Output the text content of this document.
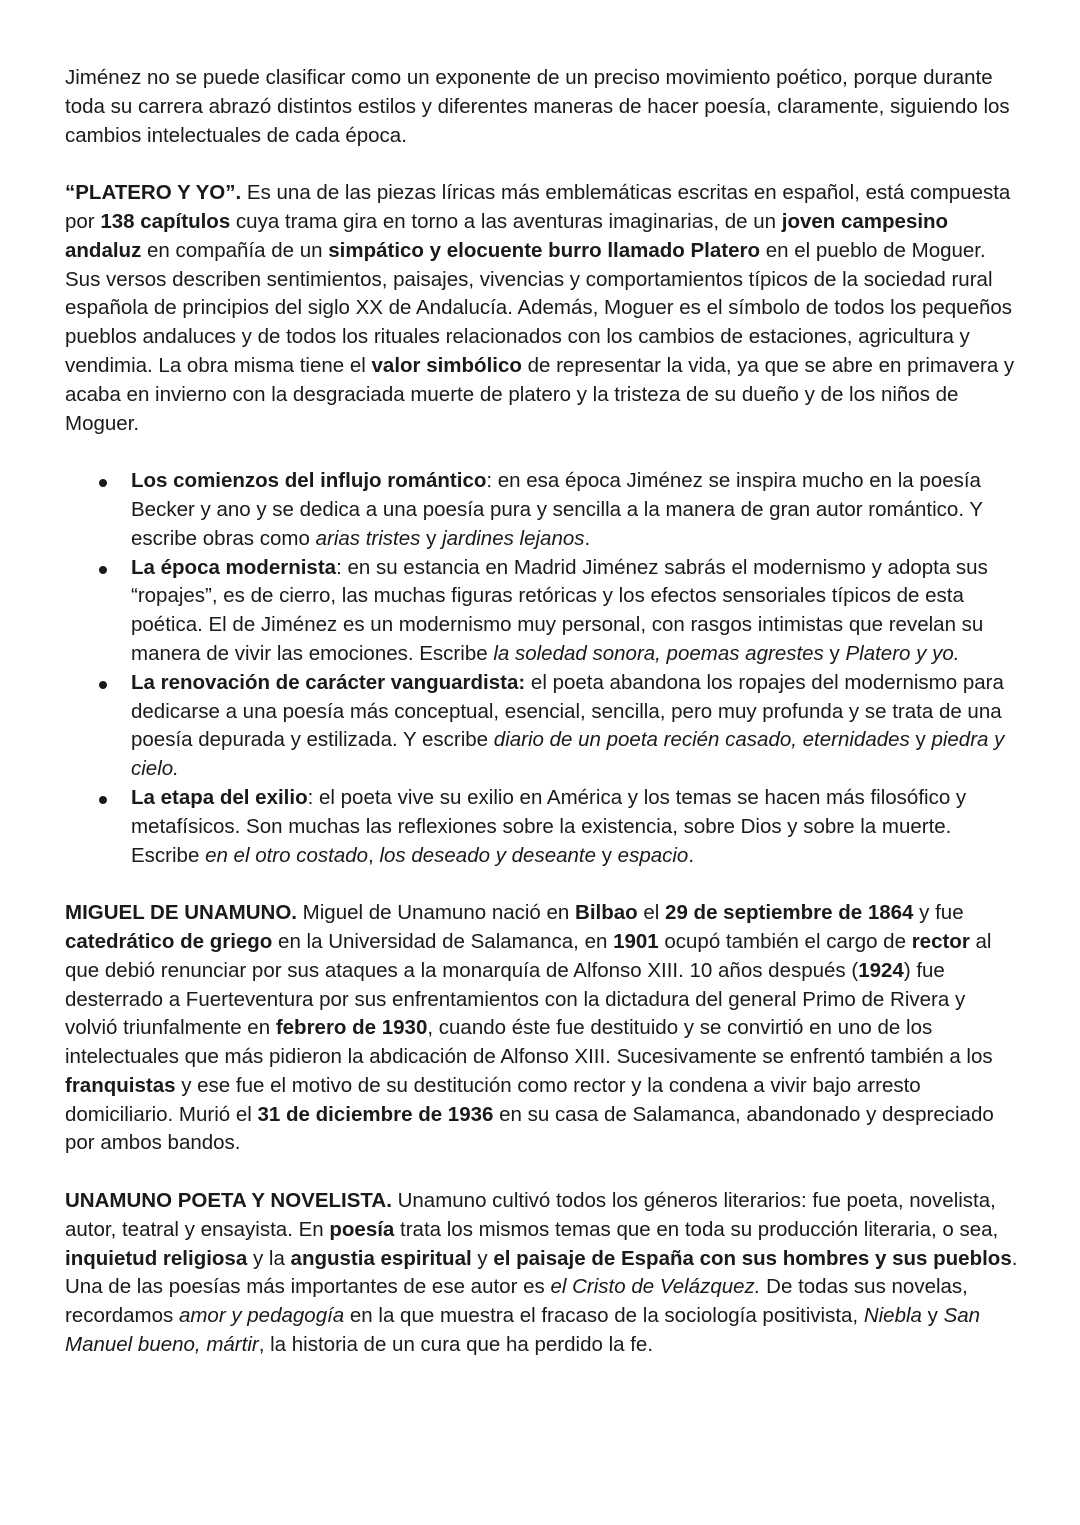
Jiménez no se puede clasificar como un exponente de un preciso movimiento poético, porque durante toda su carrera abrazó distintos estilos y diferentes maneras de hacer poesía, claramente, siguiendo los cambios intelectuales de cada época.

“PLATERO Y YO”. Es una de las piezas líricas más emblemáticas escritas en español, está compuesta por 138 capítulos cuya trama gira en torno a las aventuras imaginarias, de un joven campesino andaluz en compañía de un simpático y elocuente burro llamado Platero en el pueblo de Moguer. Sus versos describen sentimientos, paisajes, vivencias y comportamientos típicos de la sociedad rural española de principios del siglo XX de Andalucía. Además, Moguer es el símbolo de todos los pequeños pueblos andaluces y de todos los rituales relacionados con los cambios de estaciones, agricultura y vendimia. La obra misma tiene el valor simbólico de representar la vida, ya que se abre en primavera y acaba en invierno con la desgraciada muerte de platero y la tristeza de su dueño y de los niños de Moguer.

Los comienzos del influjo romántico: en esa época Jiménez se inspira mucho en la poesía Becker y ano y se dedica a una poesía pura y sencilla a la manera de gran autor romántico. Y escribe obras como arias tristes y jardines lejanos.
La época modernista: en su estancia en Madrid Jiménez sabrás el modernismo y adopta sus “ropajes”, es de cierro, las muchas figuras retóricas y los efectos sensoriales típicos de esta poética. El de Jiménez es un modernismo muy personal, con rasgos intimistas que revelan su manera de vivir las emociones. Escribe la soledad sonora, poemas agrestes y Platero y yo.
La renovación de carácter vanguardista: el poeta abandona los ropajes del modernismo para dedicarse a una poesía más conceptual, esencial, sencilla, pero muy profunda y se trata de una poesía depurada y estilizada. Y escribe diario de un poeta recién casado, eternidades y piedra y cielo.
La etapa del exilio: el poeta vive su exilio en América y los temas se hacen más filosófico y metafísicos. Son muchas las reflexiones sobre la existencia, sobre Dios y sobre la muerte. Escribe en el otro costado, los deseado y deseante y espacio.

MIGUEL DE UNAMUNO. Miguel de Unamuno nació en Bilbao el 29 de septiembre de 1864 y fue catedrático de griego en la Universidad de Salamanca, en 1901 ocupó también el cargo de rector al que debió renunciar por sus ataques a la monarquía de Alfonso XIII. 10 años después (1924) fue desterrado a Fuerteventura por sus enfrentamientos con la dictadura del general Primo de Rivera y volvió triunfalmente en febrero de 1930, cuando éste fue destituido y se convirtió en uno de los intelectuales que más pidieron la abdicación de Alfonso XIII. Sucesivamente se enfrentó también a los franquistas y ese fue el motivo de su destitución como rector y la condena a vivir bajo arresto domiciliario. Murió el 31 de diciembre de 1936 en su casa de Salamanca, abandonado y despreciado por ambos bandos.

UNAMUNO POETA Y NOVELISTA. Unamuno cultivó todos los géneros literarios: fue poeta, novelista, autor, teatral y ensayista. En poesía trata los mismos temas que en toda su producción literaria, o sea, inquietud religiosa y la angustia espiritual y el paisaje de España con sus hombres y sus pueblos. Una de las poesías más importantes de ese autor es el Cristo de Velázquez. De todas sus novelas, recordamos amor y pedagogía en la que muestra el fracaso de la sociología positivista, Niebla y San Manuel bueno, mártir, la historia de un cura que ha perdido la fe.
